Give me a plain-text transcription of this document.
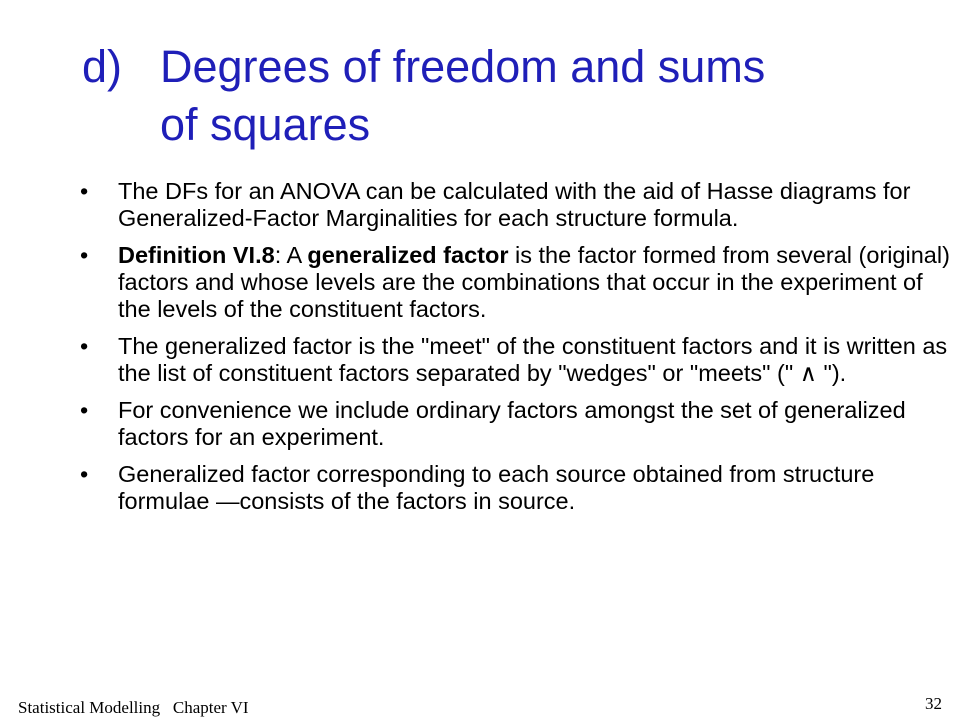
d) Degrees of freedom and sums
of squares
•	The DFs for an ANOVA can be calculated with the aid of Hasse diagrams for Generalized-Factor Marginalities for each structure formula.
•	Definition VI.8: A generalized factor is the factor formed from several (original) factors and whose levels are the combinations that occur in the experiment of the levels of the constituent factors.
•	The generalized factor is the "meet" of the constituent factors and it is written as the list of constituent factors separated by "wedges" or "meets" (" ∧ ").
•	For convenience we include ordinary factors amongst the set of generalized factors for an experiment.
•	Generalized factor corresponding to each source obtained from structure formulae —consists of the factors in source.
Statistical Modelling   Chapter VI	32
